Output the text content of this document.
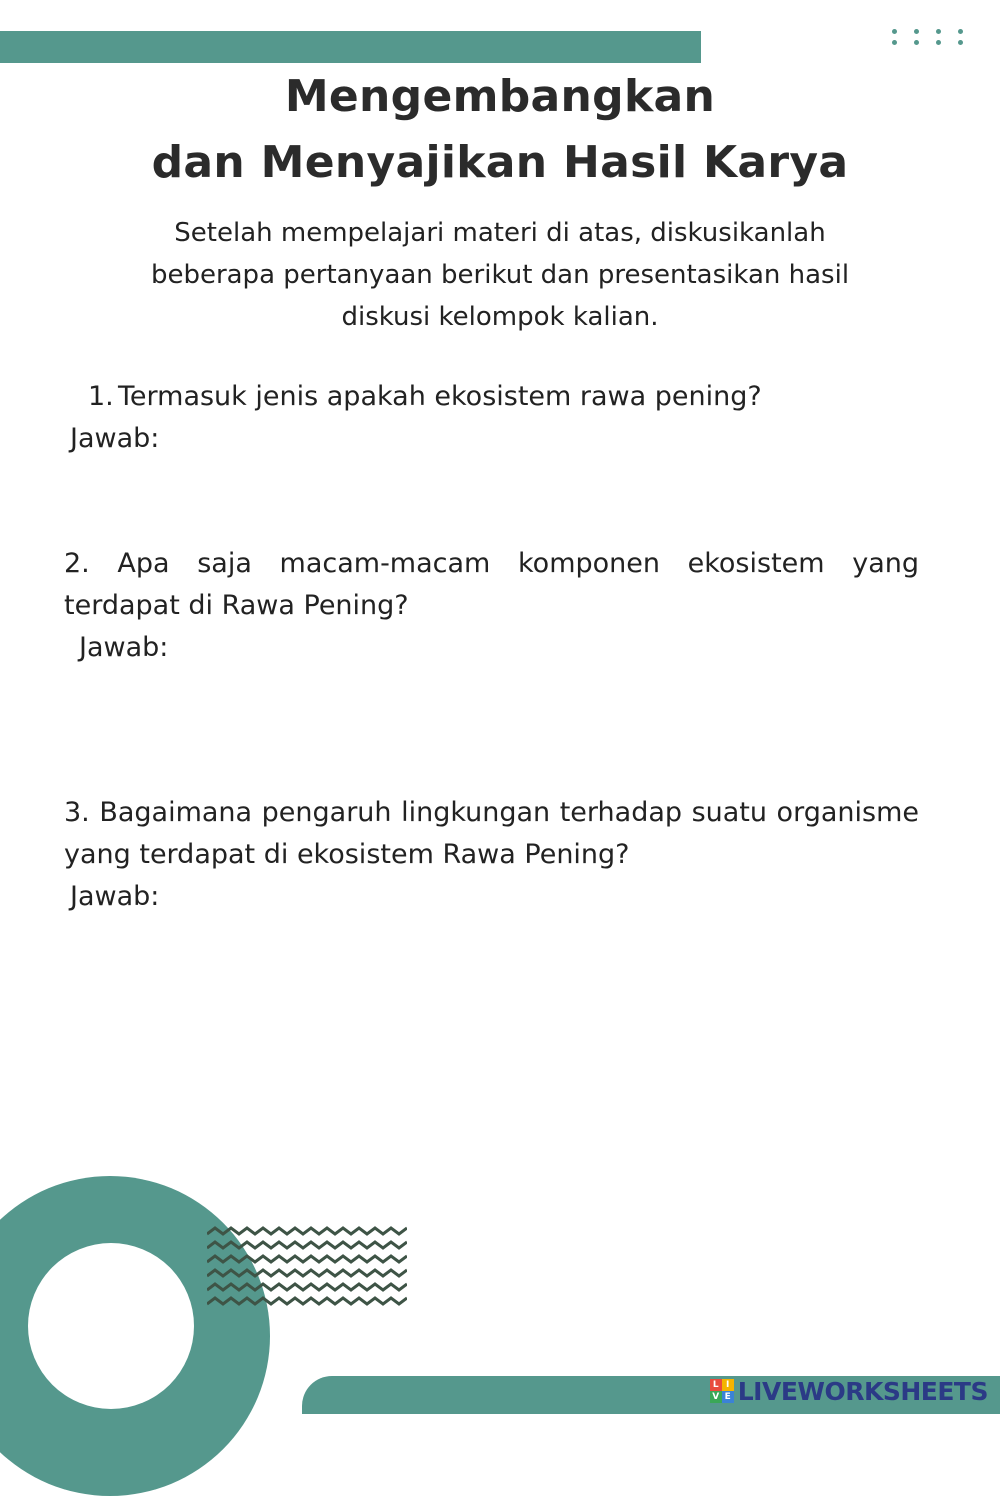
Mengembangkan
dan Menyajikan Hasil Karya

Setelah mempelajari materi di atas, diskusikanlah beberapa pertanyaan berikut dan presentasikan hasil diskusi kelompok kalian.

1. Termasuk jenis apakah ekosistem rawa pening?

Jawab:

2. Apa saja macam-macam komponen ekosistem yang terdapat di Rawa Pening?

Jawab:

3. Bagaimana pengaruh lingkungan terhadap suatu organisme yang terdapat di ekosistem Rawa Pening?

Jawab:
L I
V E LIVEWORKSHEETS
